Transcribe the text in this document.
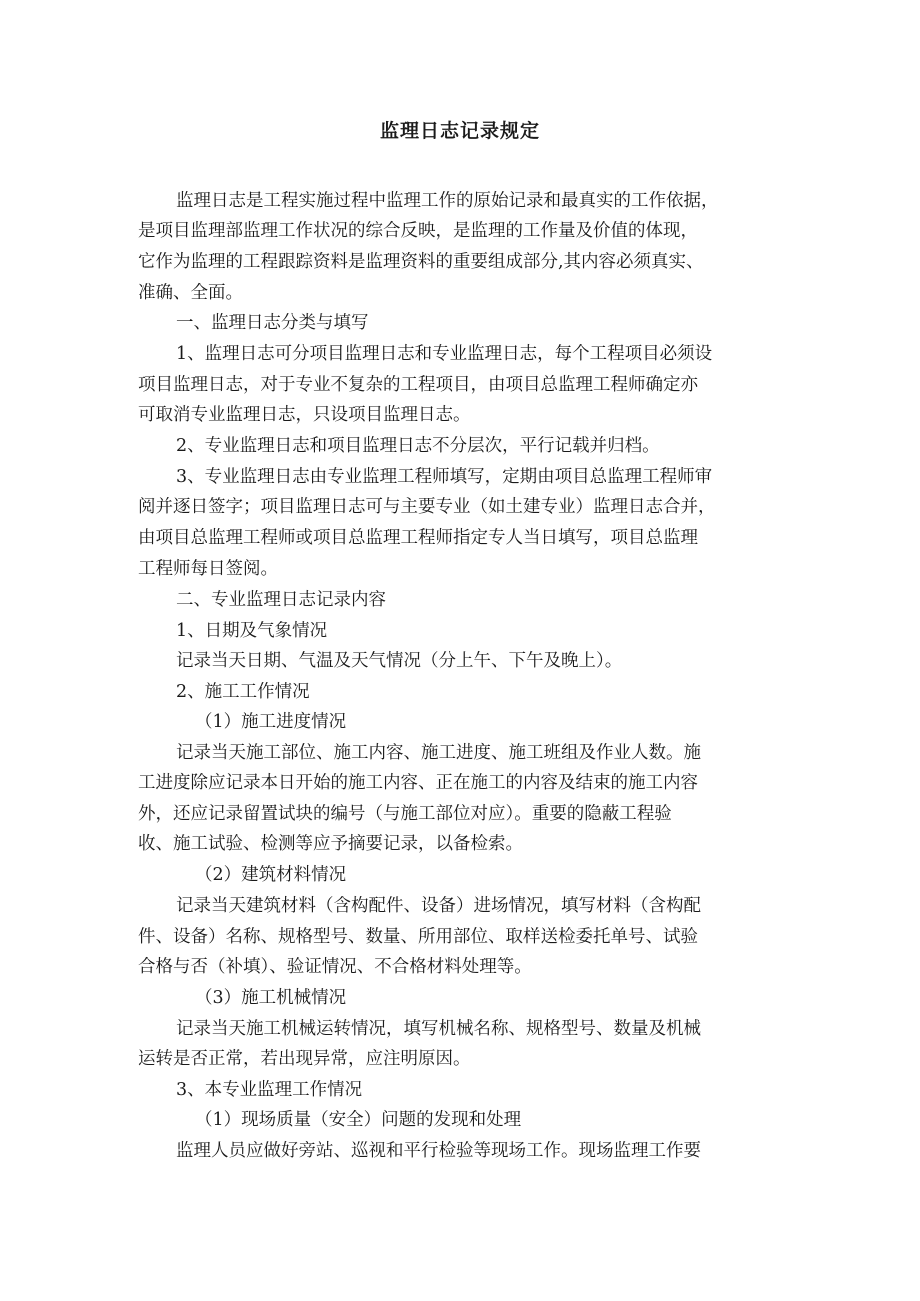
监理日志记录规定
监理日志是工程实施过程中监理工作的原始记录和最真实的工作依据，
是项目监理部监理工作状况的综合反映，是监理的工作量及价值的体现，
它作为监理的工程跟踪资料是监理资料的重要组成部分,其内容必须真实、
准确、全面。
一、监理日志分类与填写
1、监理日志可分项目监理日志和专业监理日志，每个工程项目必须设
项目监理日志，对于专业不复杂的工程项目，由项目总监理工程师确定亦
可取消专业监理日志，只设项目监理日志。
2、专业监理日志和项目监理日志不分层次，平行记载并归档。
3、专业监理日志由专业监理工程师填写，定期由项目总监理工程师审
阅并逐日签字；项目监理日志可与主要专业（如土建专业）监理日志合并，
由项目总监理工程师或项目总监理工程师指定专人当日填写，项目总监理
工程师每日签阅。
二、专业监理日志记录内容
1、日期及气象情况
记录当天日期、气温及天气情况（分上午、下午及晚上）。
2、施工工作情况
（1）施工进度情况
记录当天施工部位、施工内容、施工进度、施工班组及作业人数。施
工进度除应记录本日开始的施工内容、正在施工的内容及结束的施工内容
外，还应记录留置试块的编号（与施工部位对应）。重要的隐蔽工程验
收、施工试验、检测等应予摘要记录，以备检索。
（2）建筑材料情况
记录当天建筑材料（含构配件、设备）进场情况，填写材料（含构配
件、设备）名称、规格型号、数量、所用部位、取样送检委托单号、试验
合格与否（补填）、验证情况、不合格材料处理等。
（3）施工机械情况
记录当天施工机械运转情况，填写机械名称、规格型号、数量及机械
运转是否正常，若出现异常，应注明原因。
3、本专业监理工作情况
（1）现场质量（安全）问题的发现和处理
监理人员应做好旁站、巡视和平行检验等现场工作。现场监理工作要
